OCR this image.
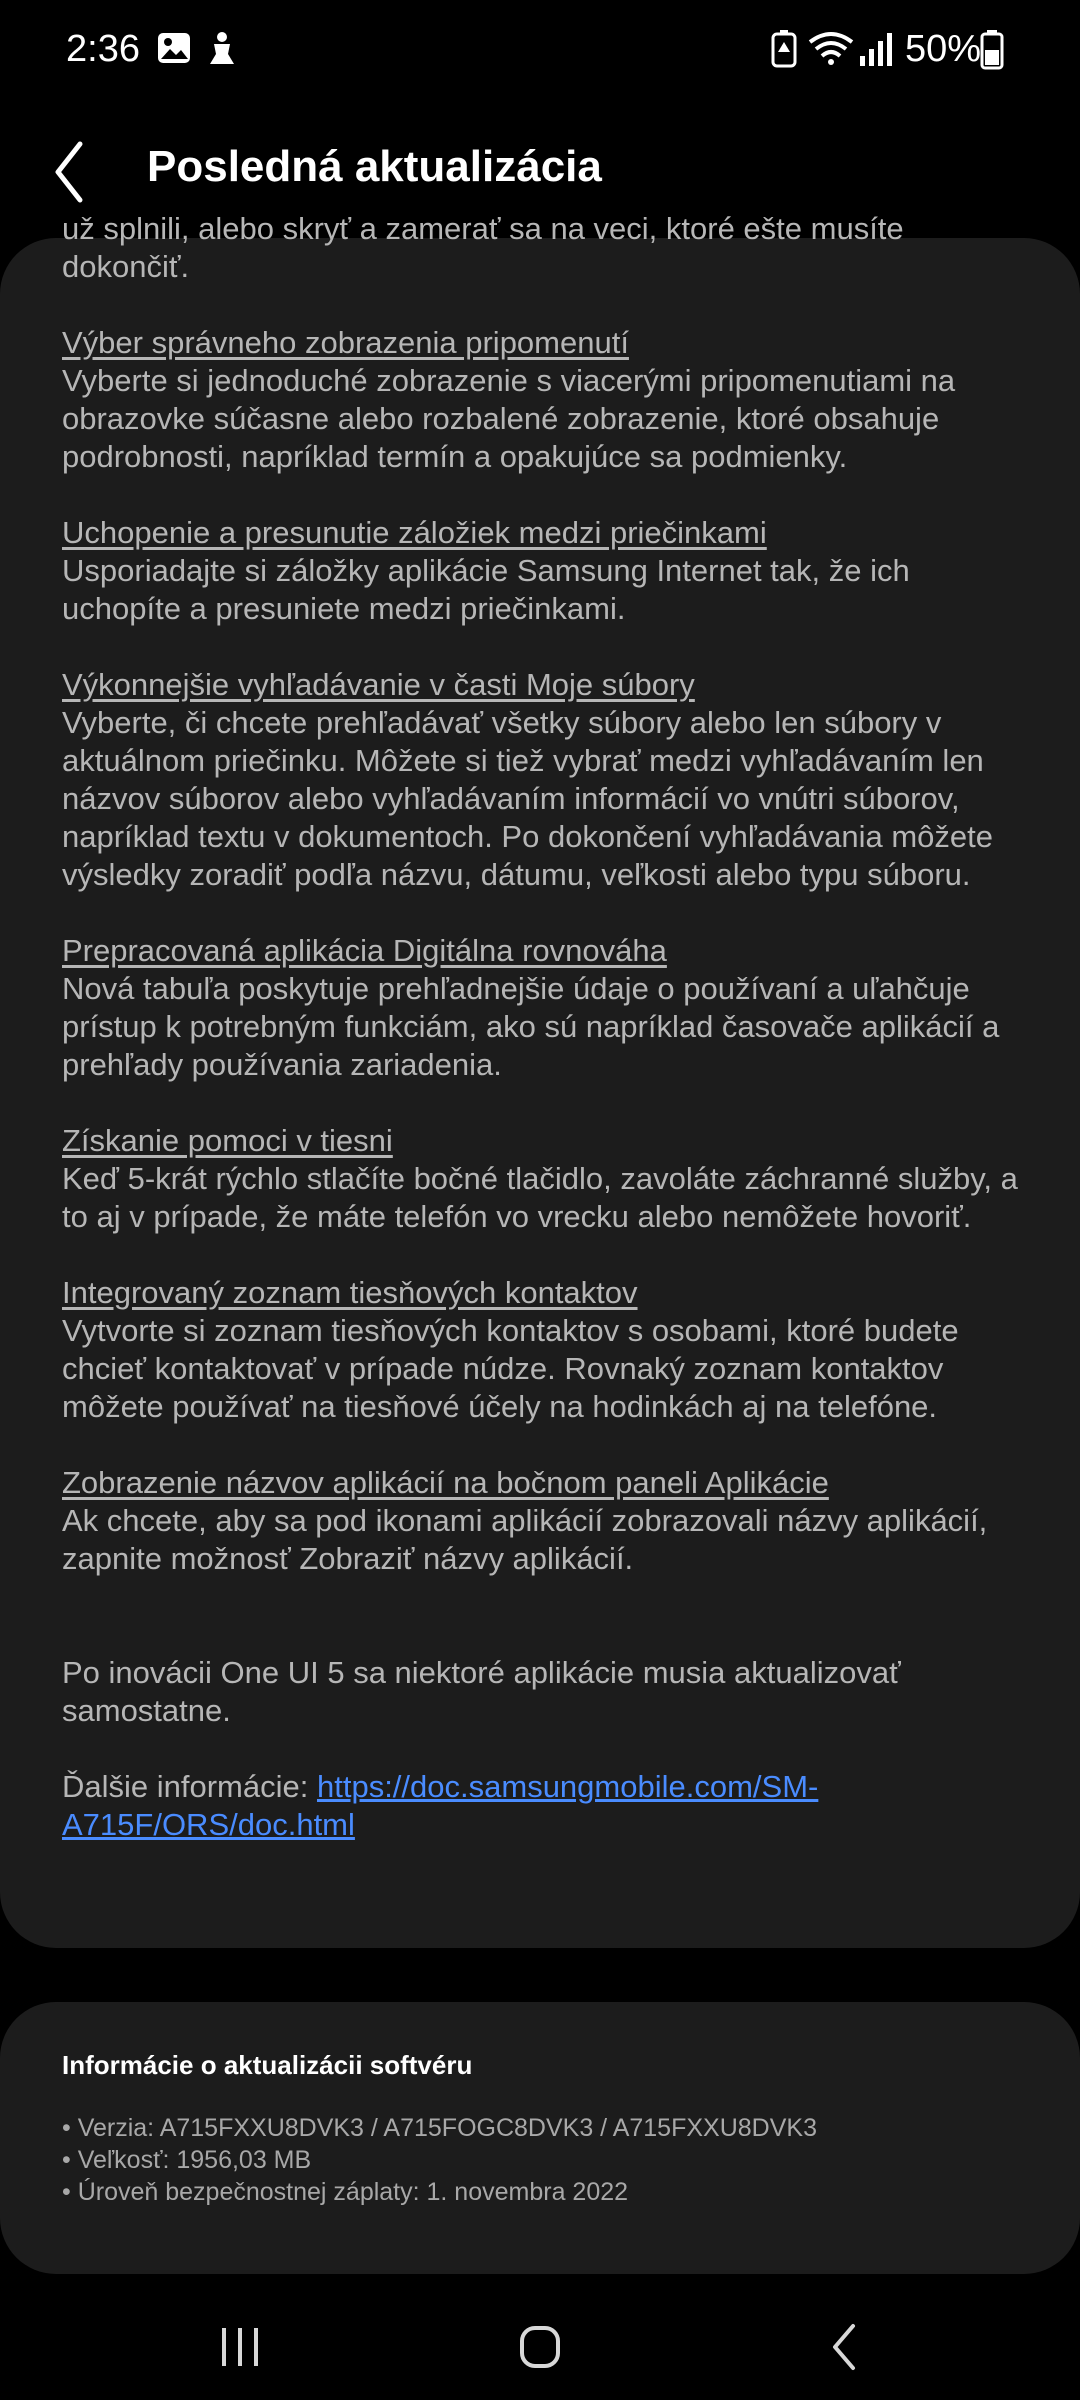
2:36	50%
Posledná aktualizácia
už splnili, alebo skryť a zamerať sa na veci, ktoré ešte musíte dokončiť.
Výber správneho zobrazenia pripomenutí
Vyberte si jednoduché zobrazenie s viacerými pripomenutiami na obrazovke súčasne alebo rozbalené zobrazenie, ktoré obsahuje podrobnosti, napríklad termín a opakujúce sa podmienky.
Uchopenie a presunutie záložiek medzi priečinkami
Usporiadajte si záložky aplikácie Samsung Internet tak, že ich uchopíte a presuniete medzi priečinkami.
Výkonnejšie vyhľadávanie v časti Moje súbory
Vyberte, či chcete prehľadávať všetky súbory alebo len súbory v aktuálnom priečinku. Môžete si tiež vybrať medzi vyhľadávaním len názvov súborov alebo vyhľadávaním informácií vo vnútri súborov, napríklad textu v dokumentoch. Po dokončení vyhľadávania môžete výsledky zoradiť podľa názvu, dátumu, veľkosti alebo typu súboru.
Prepracovaná aplikácia Digitálna rovnováha
Nová tabuľa poskytuje prehľadnejšie údaje o používaní a uľahčuje prístup k potrebným funkciám, ako sú napríklad časovače aplikácií a prehľady používania zariadenia.
Získanie pomoci v tiesni
Keď 5-krát rýchlo stlačíte bočné tlačidlo, zavoláte záchranné služby, a to aj v prípade, že máte telefón vo vrecku alebo nemôžete hovoriť.
Integrovaný zoznam tiesňových kontaktov
Vytvorte si zoznam tiesňových kontaktov s osobami, ktoré budete chcieť kontaktovať v prípade núdze. Rovnaký zoznam kontaktov môžete používať na tiesňové účely na hodinkách aj na telefóne.
Zobrazenie názvov aplikácií na bočnom paneli Aplikácie
Ak chcete, aby sa pod ikonami aplikácií zobrazovali názvy aplikácií, zapnite možnosť Zobraziť názvy aplikácií.
Po inovácii One UI 5 sa niektoré aplikácie musia aktualizovať samostatne.
Ďalšie informácie: https://doc.samsungmobile.com/SM-A715F/ORS/doc.html
Informácie o aktualizácii softvéru
• Verzia: A715FXXU8DVK3 / A715FOGC8DVK3 / A715FXXU8DVK3
• Veľkosť: 1956,03 MB
• Úroveň bezpečnostnej záplaty: 1. novembra 2022
